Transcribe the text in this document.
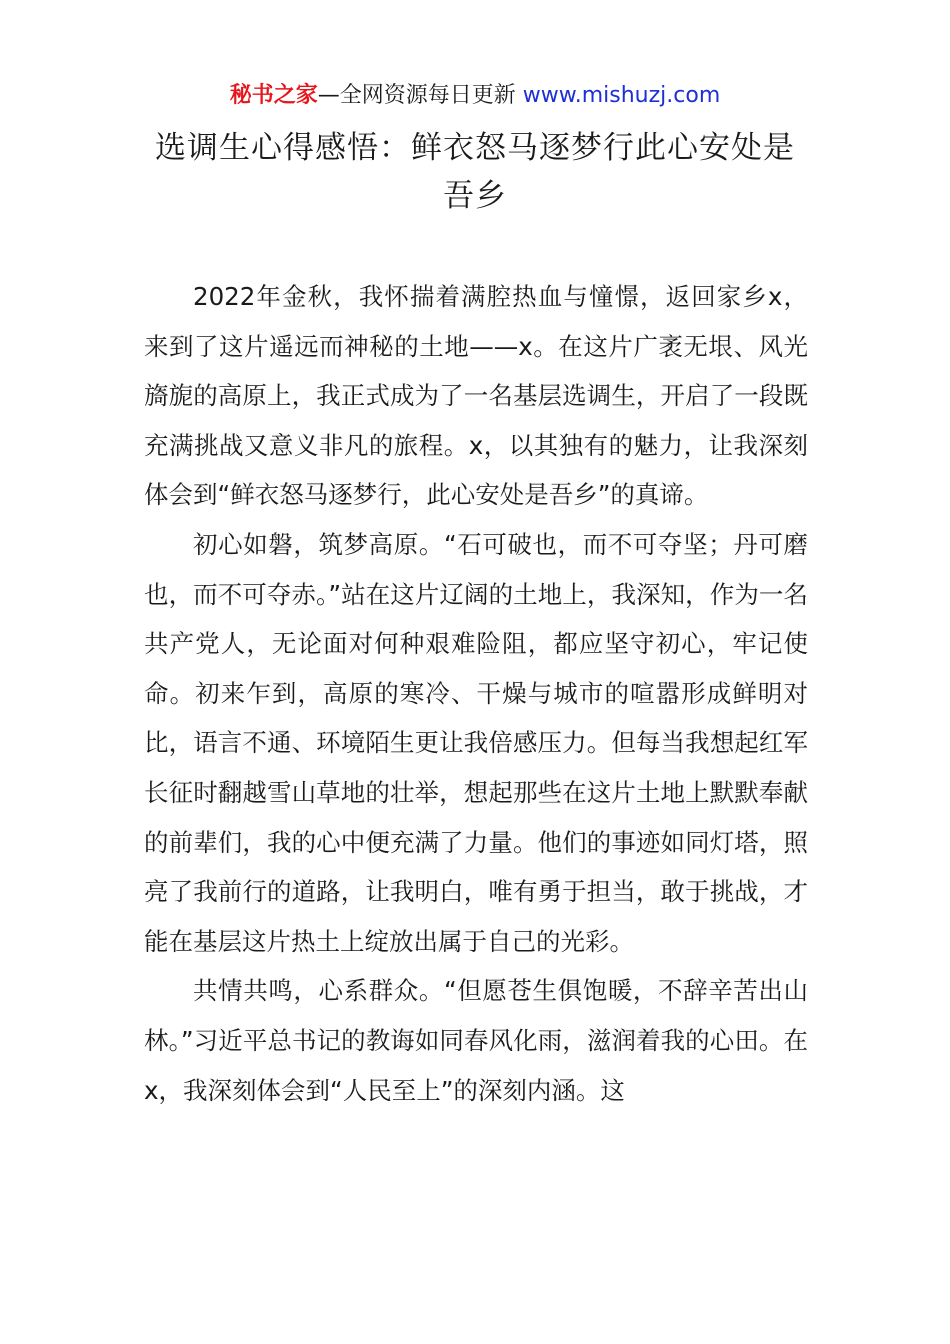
秘书之家—全网资源每日更新 www.mishuzj.com
选调生心得感悟：鲜衣怒马逐梦行此心安处是吾乡

2022年金秋，我怀揣着满腔热血与憧憬，返回家乡x，来到了这片遥远而神秘的土地——x。在这片广袤无垠、风光旖旎的高原上，我正式成为了一名基层选调生，开启了一段既充满挑战又意义非凡的旅程。x，以其独有的魅力，让我深刻体会到“鲜衣怒马逐梦行，此心安处是吾乡”的真谛。

初心如磐，筑梦高原。“石可破也，而不可夺坚；丹可磨也，而不可夺赤。”站在这片辽阔的土地上，我深知，作为一名共产党人，无论面对何种艰难险阻，都应坚守初心，牢记使命。初来乍到，高原的寒冷、干燥与城市的喧嚣形成鲜明对比，语言不通、环境陌生更让我倍感压力。但每当我想起红军长征时翻越雪山草地的壮举，想起那些在这片土地上默默奉献的前辈们，我的心中便充满了力量。他们的事迹如同灯塔，照亮了我前行的道路，让我明白，唯有勇于担当，敢于挑战，才能在基层这片热土上绽放出属于自己的光彩。

共情共鸣，心系群众。“但愿苍生俱饱暖，不辞辛苦出山林。”习近平总书记的教诲如同春风化雨，滋润着我的心田。在x，我深刻体会到“人民至上”的深刻内涵。这
